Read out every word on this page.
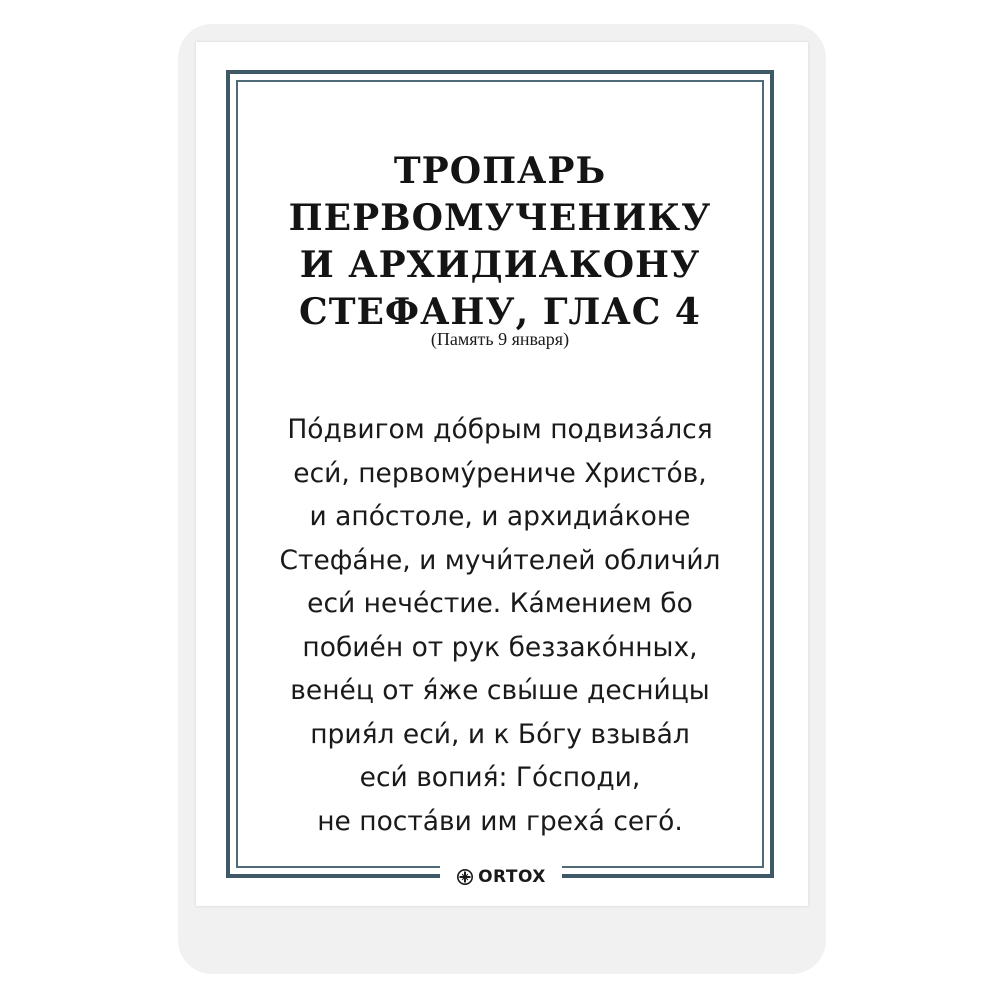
ТРОПАРЬ
ПЕРВОМУЧЕНИКУ
И АРХИДИАКОНУ
СТЕФАНУ, ГЛАС 4
(Память 9 января)
По́двигом до́брым подвиза́лся
еси́, первому́рениче Христо́в,
и апо́столе, и архидиа́коне
Стефа́не, и мучи́телей обличи́л
еси́ нече́стие. Ка́мением бо
побие́н от рук беззако́нных,
вене́ц от я́же свы́ше десни́цы
прия́л еси́, и к Бо́гу взыва́л
еси́ вопия́: Го́споди,
не поста́ви им греха́ сего́.
ORTOX
